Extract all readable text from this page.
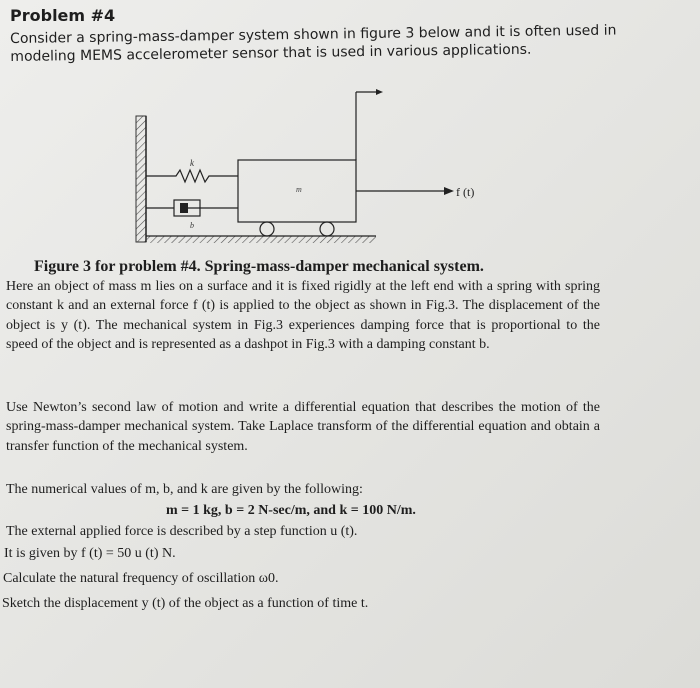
Problem #4
Consider a spring-mass-damper system shown in figure 3 below and it is often used in
modeling MEMS accelerometer sensor that is used in various applications.
k
b
m	f (t)
Figure 3 for problem #4. Spring-mass-damper mechanical system.

Here an object of mass m lies on a surface and it is fixed rigidly at the left end with a spring with spring constant k and an external force f (t) is applied to the object as shown in Fig.3. The displacement of the object is y (t). The mechanical system in Fig.3 experiences damping force that is proportional to the speed of the object and is represented as a dashpot in Fig.3 with a damping constant b.

Use Newton’s second law of motion and write a differential equation that describes the motion of the spring-mass-damper mechanical system. Take Laplace transform of the differential equation and obtain a transfer function of the mechanical system.

The numerical values of m, b, and k are given by the following:

m = 1 kg, b = 2 N-sec/m, and k = 100 N/m.

The external applied force is described by a step function u (t).

It is given by f (t) = 50 u (t) N.

Calculate the natural frequency of oscillation ω0.

Sketch the displacement y (t) of the object as a function of time t.
